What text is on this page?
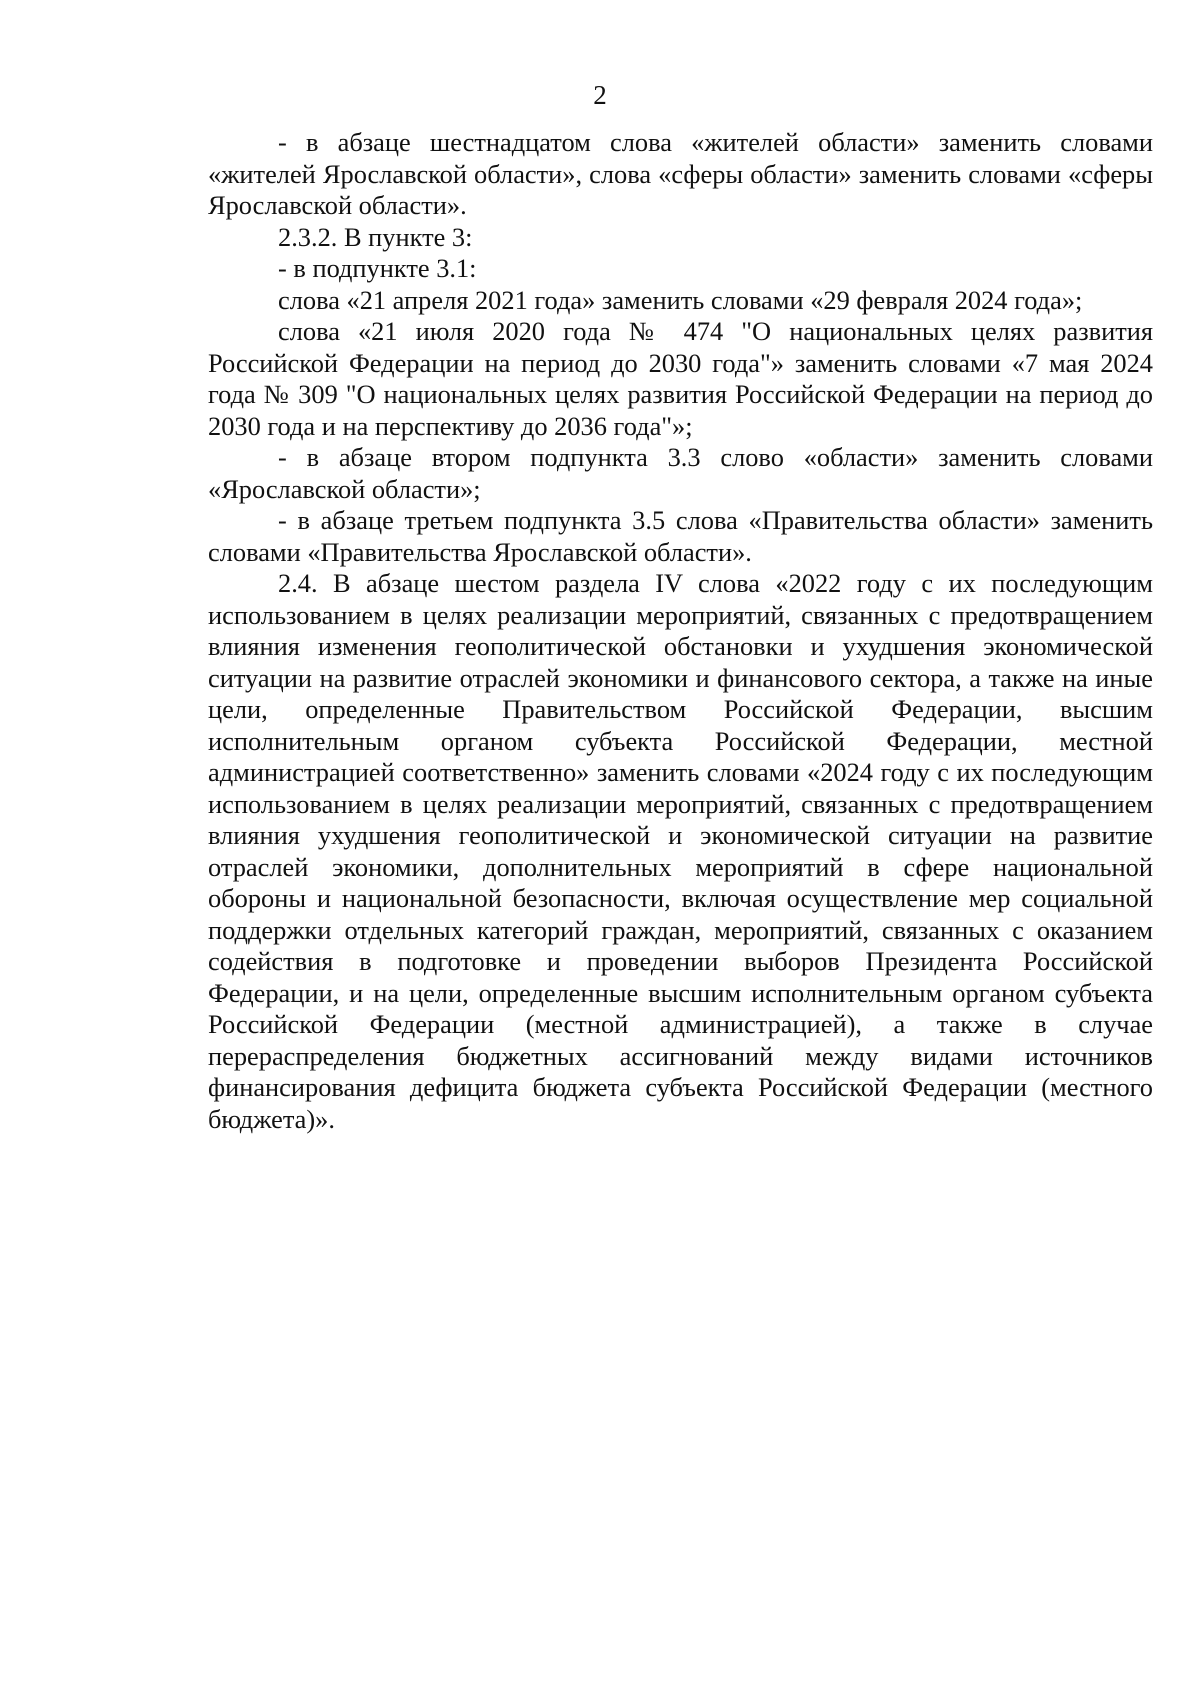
2

- в абзаце шестнадцатом слова «жителей области» заменить словами «жителей Ярославской области», слова «сферы области» заменить словами «сферы Ярославской области».

2.3.2. В пункте 3:

- в подпункте 3.1:

слова «21 апреля 2021 года» заменить словами «29 февраля 2024 года»;

слова «21 июля 2020 года № 474 "О национальных целях развития Российской Федерации на период до 2030 года"» заменить словами «7 мая 2024 года № 309 "О национальных целях развития Российской Федерации на период до 2030 года и на перспективу до 2036 года"»;

- в абзаце втором подпункта 3.3 слово «области» заменить словами «Ярославской области»;

- в абзаце третьем подпункта 3.5 слова «Правительства области» заменить словами «Правительства Ярославской области».

2.4. В абзаце шестом раздела IV слова «2022 году с их последующим использованием в целях реализации мероприятий, связанных с предотвращением влияния изменения геополитической обстановки и ухудшения экономической ситуации на развитие отраслей экономики и финансового сектора, а также на иные цели, определенные Правительством Российской Федерации, высшим исполнительным органом субъекта Российской Федерации, местной администрацией соответственно» заменить словами «2024 году с их последующим использованием в целях реализации мероприятий, связанных с предотвращением влияния ухудшения геополитической и экономической ситуации на развитие отраслей экономики, дополнительных мероприятий в сфере национальной обороны и национальной безопасности, включая осуществление мер социальной поддержки отдельных категорий граждан, мероприятий, связанных с оказанием содействия в подготовке и проведении выборов Президента Российской Федерации, и на цели, определенные высшим исполнительным органом субъекта Российской Федерации (местной администрацией), а также в случае перераспределения бюджетных ассигнований между видами источников финансирования дефицита бюджета субъекта Российской Федерации (местного бюджета)».
